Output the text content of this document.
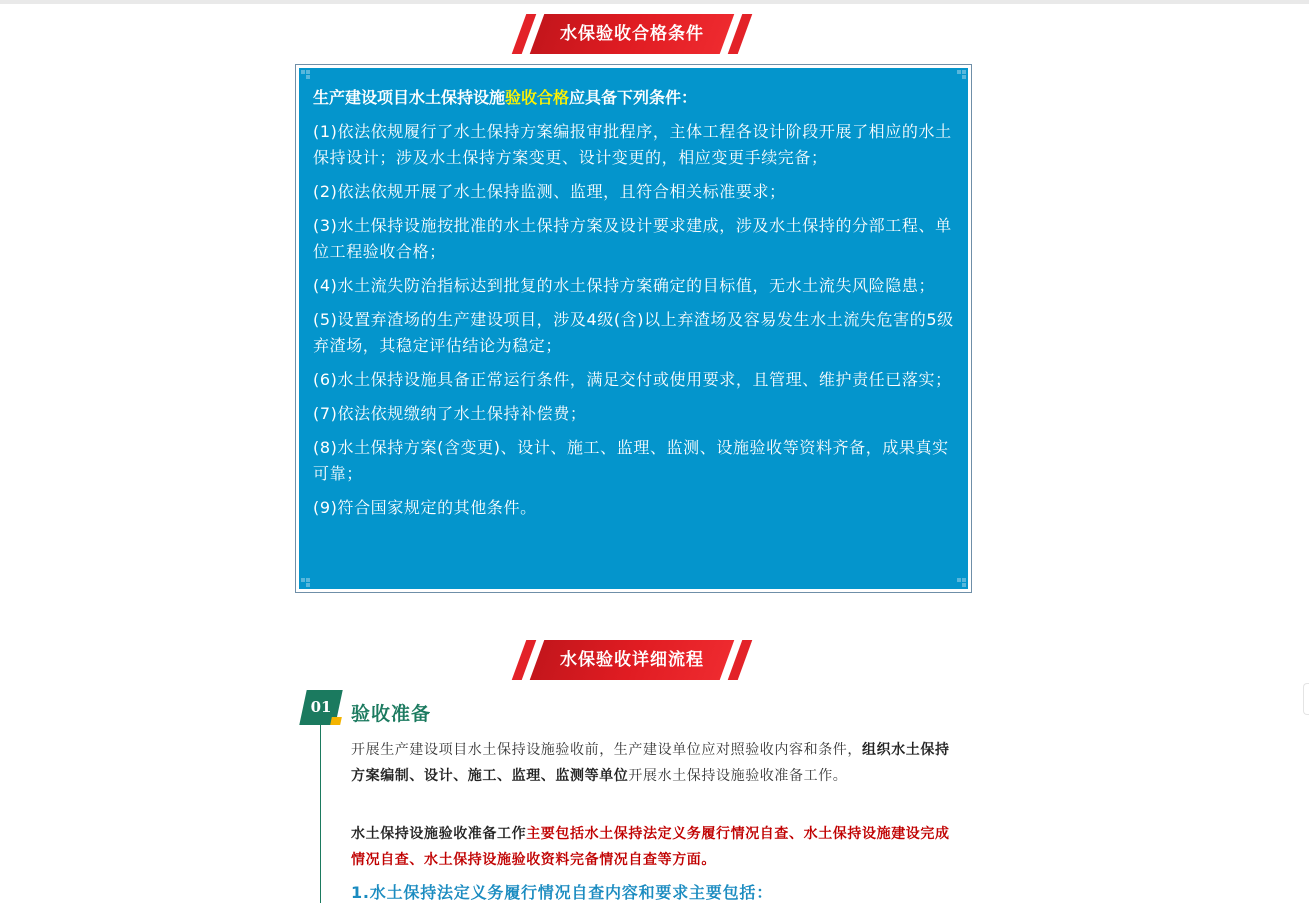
水保验收合格条件

生产建设项目水土保持设施验收合格应具备下列条件：

(1)依法依规履行了水土保持方案编报审批程序，主体工程各设计阶段开展了相应的水土保持设计；涉及水土保持方案变更、设计变更的，相应变更手续完备；

(2)依法依规开展了水土保持监测、监理，且符合相关标准要求；

(3)水土保持设施按批准的水土保持方案及设计要求建成，涉及水土保持的分部工程、单位工程验收合格；

(4)水土流失防治指标达到批复的水土保持方案确定的目标值，无水土流失风险隐患；

(5)设置弃渣场的生产建设项目，涉及4级(含)以上弃渣场及容易发生水土流失危害的5级弃渣场，其稳定评估结论为稳定；

(6)水土保持设施具备正常运行条件，满足交付或使用要求，且管理、维护责任已落实；

(7)依法依规缴纳了水土保持补偿费；

(8)水土保持方案(含变更)、设计、施工、监理、监测、设施验收等资料齐备，成果真实可靠；

(9)符合国家规定的其他条件。

水保验收详细流程
01	验收准备
开展生产建设项目水土保持设施验收前，生产建设单位应对照验收内容和条件，组织水土保持方案编制、设计、施工、监理、监测等单位开展水土保持设施验收准备工作。
水土保持设施验收准备工作主要包括水土保持法定义务履行情况自查、水土保持设施建设完成情况自查、水土保持设施验收资料完备情况自查等方面。
1.水土保持法定义务履行情况自查内容和要求主要包括：
